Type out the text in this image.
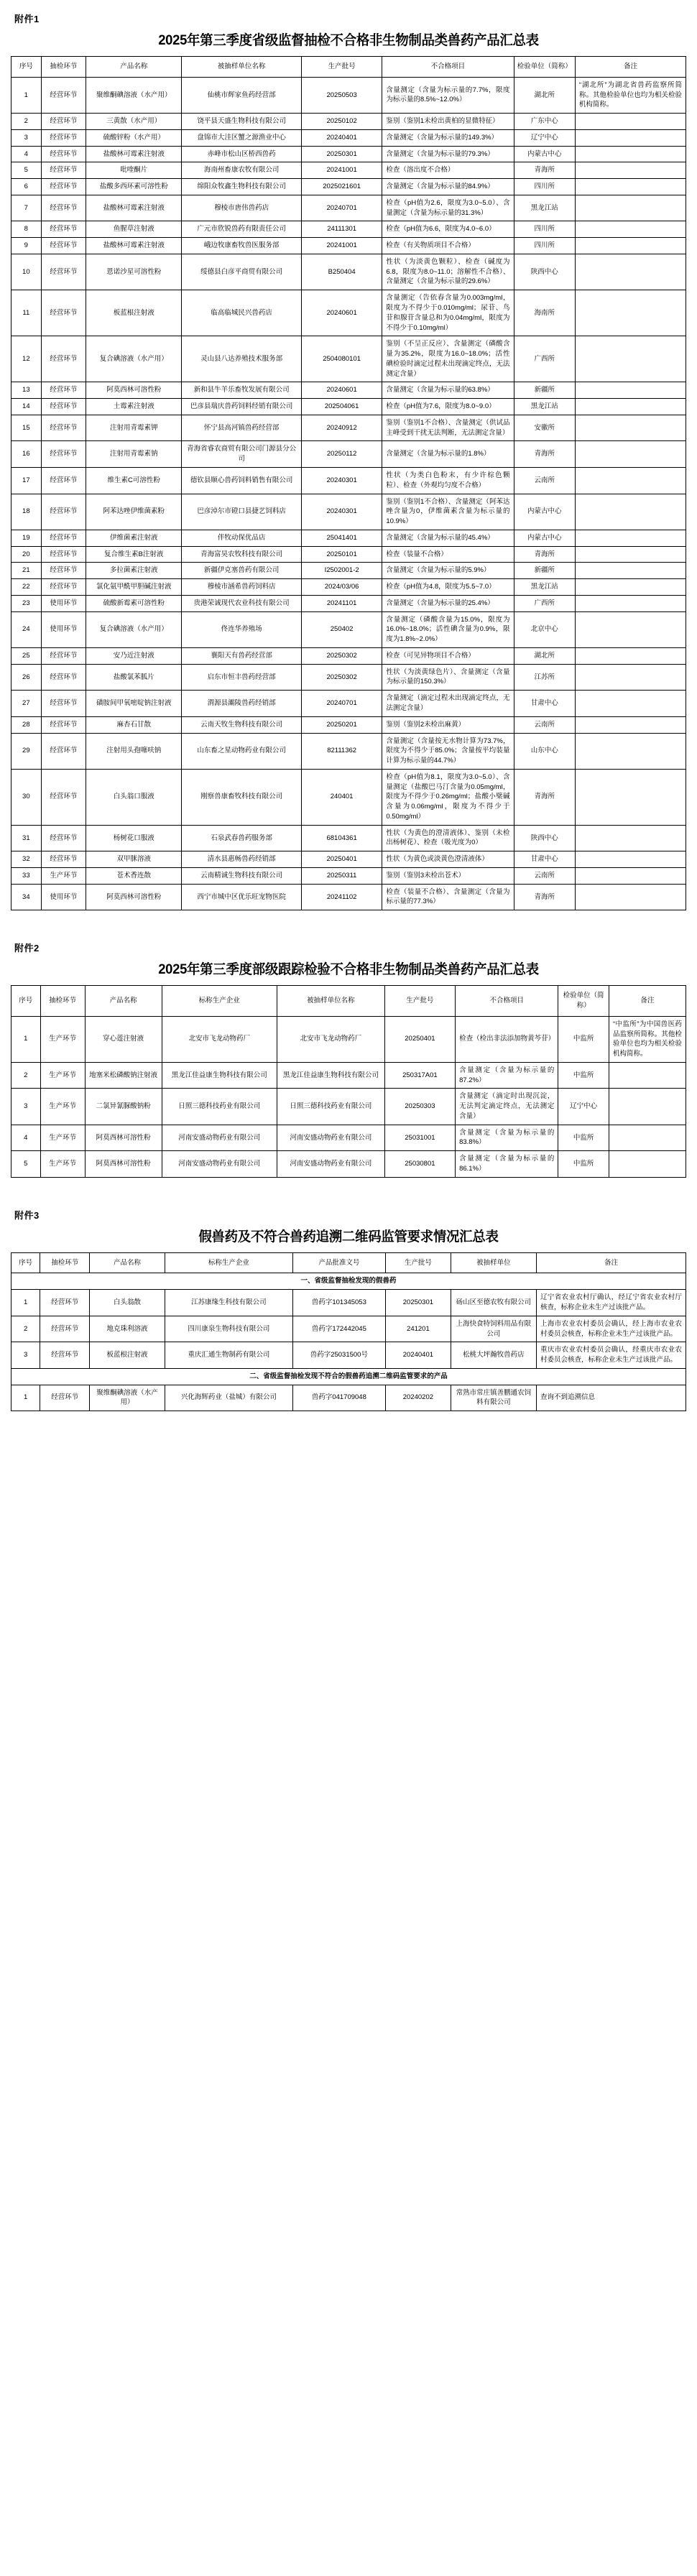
附件1
2025年第三季度省级监督抽检不合格非生物制品类兽药产品汇总表
序号	抽检环节	产品名称	被抽样单位名称	生产批号	不合格项目	检验单位（简称）	备注
1	经营环节	聚维酮碘溶液（水产用）	仙桃市辉家鱼药经营部	20250503	含量测定（含量为标示量的7.7%，限度为标示量的8.5%~12.0%）	湖北所	“湖北所”为湖北省兽药监察所简称。其他检验单位也均为相关检验机构简称。
2	经营环节	三黄散（水产用）	饶平县天盛生物科技有限公司	20250102	鉴别（鉴别1未检出黄柏的显微特征）	广东中心	
3	经营环节	硫酸锌粉（水产用）	盘锦市大洼区蟹之源渔业中心	20240401	含量测定（含量为标示量的149.3%）	辽宁中心	
4	经营环节	盐酸林可霉素注射液	赤峰市松山区桥西兽药	20250301	含量测定（含量为标示量的79.3%）	内蒙古中心	
5	经营环节	吡喹酮片	海南州畜康农牧有限公司	20241001	检查（溶出度不合格）	青海所	
6	经营环节	盐酸多西环素可溶性粉	绵阳众牧鑫生物科技有限公司	2025021601	含量测定（含量为标示量的84.9%）	四川所	
7	经营环节	盐酸林可霉素注射液	穆棱市唐伟兽药店	20240701	检查（pH值为2.6，限度为3.0~5.0）、含量测定（含量为标示量的31.3%）	黑龙江站	
8	经营环节	鱼腥草注射液	广元市欣锐兽药有限责任公司	24111301	检查（pH值为6.6，限度为4.0~6.0）	四川所	
9	经营环节	盐酸林可霉素注射液	峨边牧康畜牧兽医服务部	20241001	检查（有关物质项目不合格）	四川所	
10	经营环节	恩诺沙星可溶性粉	绥德县白彦平商贸有限公司	B250404	性状（为淡黄色颗粒）、检查（碱度为6.8，限度为8.0~11.0；溶解性不合格）、含量测定（含量为标示量的29.6%）	陕西中心	
11	经营环节	板蓝根注射液	临高临城民兴兽药店	20240601	含量测定（告依春含量为0.003mg/ml，限度为不得少于0.010mg/ml；尿苷、鸟苷和腺苷含量总和为0.04mg/ml，限度为不得少于0.10mg/ml）	海南所	
12	经营环节	复合碘溶液（水产用）	灵山县八达养殖技术服务部	2504080101	鉴别（不呈正反应）、含量测定（磷酸含量为35.2%，限度为16.0~18.0%；活性碘检验时滴定过程未出现滴定终点，无法测定含量）	广西所	
13	经营环节	阿莫西林可溶性粉	新和县牛羊乐畜牧发展有限公司	20240601	含量测定（含量为标示量的63.8%）	新疆所	
14	经营环节	土霉素注射液	巴彦县瑞庆兽药饲料经销有限公司	202504061	检查（pH值为7.6，限度为8.0~9.0）	黑龙江站	
15	经营环节	注射用青霉素钾	怀宁县高河镇兽药经营部	20240912	鉴别（鉴别1不合格）、含量测定（供试品主峰受到干扰无法判断，无法测定含量）	安徽所	
16	经营环节	注射用青霉素钠	青海省睿农商贸有限公司门源县分公司	20250112	含量测定（含量为标示量的1.8%）	青海所	
17	经营环节	维生素C可溶性粉	德钦县顺心兽药饲料销售有限公司	20240301	性状（为类白色粉末，有少许棕色颗粒）、检查（外观均匀度不合格）	云南所	
18	经营环节	阿苯达唑伊维菌素粉	巴彦淖尔市磴口县捷艺饲料店	20240301	鉴别（鉴别1不合格）、含量测定（阿苯达唑含量为0，伊维菌素含量为标示量的10.9%）	内蒙古中心	
19	经营环节	伊维菌素注射液	伴牧动保优品店	25041401	含量测定（含量为标示量的45.4%）	内蒙古中心	
20	经营环节	复合维生素B注射液	青海富昊农牧科技有限公司	20250101	检查（装量不合格）	青海所	
21	经营环节	多拉菌素注射液	新疆伊克塞兽药有限公司	I2502001-2	含量测定（含量为标示量的5.9%）	新疆所	
22	经营环节	氯化氨甲酰甲胆碱注射液	穆棱市涵希兽药饲料店	2024/03/06	检查（pH值为4.8，限度为5.5~7.0）	黑龙江站	
23	使用环节	硫酸新霉素可溶性粉	贵港荣诚现代农业科技有限公司	20241101	含量测定（含量为标示量的25.4%）	广西所	
24	使用环节	复合碘溶液（水产用）	佟连华养殖场	250402	含量测定（磷酸含量为15.0%，限度为16.0%~18.0%；活性碘含量为0.9%，限度为1.8%~2.0%）	北京中心	
25	经营环节	安乃近注射液	襄阳天有兽药经营部	20250302	检查（可见异物项目不合格）	湖北所	
26	经营环节	盐酸氯苯胍片	启东市恒丰兽药经营部	20250302	性状（为淡黄绿色片）、含量测定（含量为标示量的150.3%）	江苏所	
27	经营环节	磺胺间甲氧嘧啶钠注射液	渭源县灞陵兽药经销部	20240701	含量测定（滴定过程未出现滴定终点，无法测定含量）	甘肃中心	
28	经营环节	麻杏石甘散	云南天牧生物科技有限公司	20250201	鉴别（鉴别2未检出麻黄）	云南所	
29	经营环节	注射用头孢噻呋钠	山东畜之星动物药业有限公司	82111362	含量测定（含量按无水物计算为73.7%，限度为不得少于85.0%；含量按平均装量计算为标示量的44.7%）	山东中心	
30	经营环节	白头翁口服液	刚察兽康畜牧科技有限公司	240401	检查（pH值为8.1，限度为3.0~5.0）、含量测定（盐酸巴马汀含量为0.05mg/ml，限度为不得少于0.26mg/ml；盐酸小檗碱含量为0.06mg/ml，限度为不得少于0.50mg/ml）	青海所	
31	经营环节	杨树花口服液	石泉武春兽药服务部	68104361	性状（为黄色的澄清液体）、鉴别（未检出杨树花）、检查（吸光度为0）	陕西中心	
32	经营环节	双甲脒溶液	清水县惠畅兽药经销部	20250401	性状（为黄色或淡黄色澄清液体）	甘肃中心	
33	生产环节	苍术香连散	云南精诚生物科技有限公司	20250311	鉴别（鉴别3未检出苍术）	云南所	
34	使用环节	阿莫西林可溶性粉	西宁市城中区优乐旺宠物医院	20241102	检查（装量不合格）、含量测定（含量为标示量的77.3%）	青海所	
附件2
2025年第三季度部级跟踪检验不合格非生物制品类兽药产品汇总表
序号	抽检环节	产品名称	标称生产企业	被抽样单位名称	生产批号	不合格项目	检验单位（简称）	备注
1	生产环节	穿心莲注射液	北安市飞龙动物药厂	北安市飞龙动物药厂	20250401	检查（检出非法添加物黄芩苷）	中监所	“中监所”为中国兽医药品监察所简称。其他检验单位也均为相关检验机构简称。
2	生产环节	地塞米松磷酸钠注射液	黑龙江佳益康生物科技有限公司	黑龙江佳益康生物科技有限公司	250317A01	含量测定（含量为标示量的87.2%）	中监所	
3	生产环节	二氯异氰脲酸钠粉	日照三德科技药业有限公司	日照三德科技药业有限公司	20250303	含量测定（滴定时出现沉淀，无法判定滴定终点，无法测定含量）	辽宁中心	
4	生产环节	阿莫西林可溶性粉	河南安盛动物药业有限公司	河南安盛动物药业有限公司	25031001	含量测定（含量为标示量的83.8%）	中监所	
5	生产环节	阿莫西林可溶性粉	河南安盛动物药业有限公司	河南安盛动物药业有限公司	25030801	含量测定（含量为标示量的86.1%）	中监所	
附件3
假兽药及不符合兽药追溯二维码监管要求情况汇总表
序号	抽检环节	产品名称	标称生产企业	产品批准文号	生产批号	被抽样单位	备注
一、省级监督抽检发现的假兽药							
1	经营环节	白头翁散	江苏康缘生科技有限公司	兽药字101345053	20250301	砀山区至德农牧有限公司	辽宁省农业农村厅确认，经辽宁省农业农村厅核查，标称企业未生产过该批产品。
2	经营环节	地克珠利溶液	四川康泉生物科技有限公司	兽药字172442045	241201	上海快食特饲料用品有限公司	上海市农业农村委员会确认，经上海市农业农村委员会核查，标称企业未生产过该批产品。
3	经营环节	板蓝根注射液	重庆汇通生物制药有限公司	兽药字25031500号	20240401	松桃大坪瀚牧兽药店	重庆市农业农村委员会确认，经重庆市农业农村委员会核查，标称企业未生产过该批产品。
二、省级监督抽检发现不符合的假兽药追溯二维码监管要求的产品							
1	经营环节	聚维酮碘溶液（水产用）	兴化海辉药业（盐城）有限公司	兽药字041709048	20240202	常熟市常庄镇善鹏通农饲料有限公司	查询不到追溯信息
